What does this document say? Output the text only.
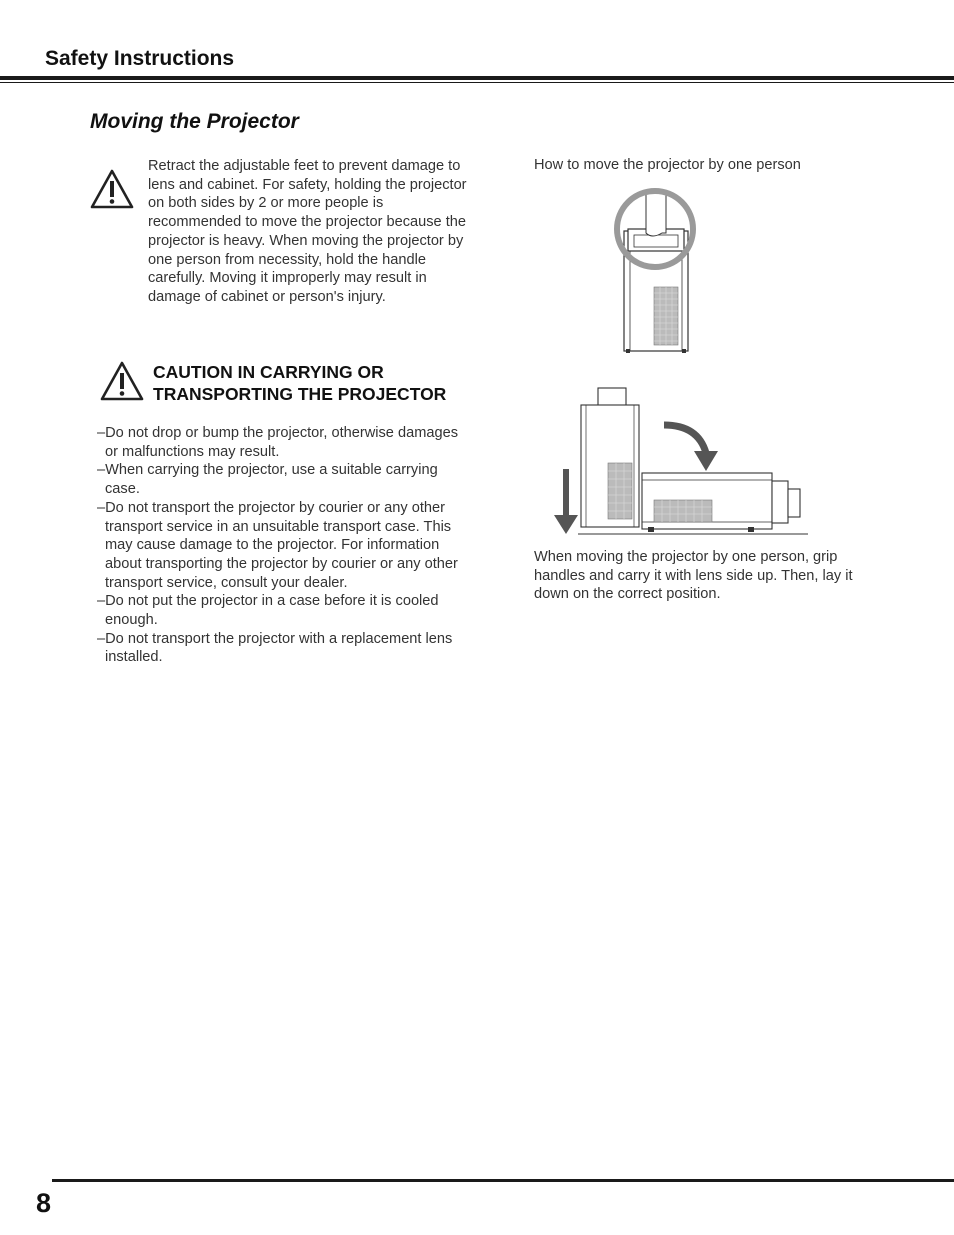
Safety Instructions
Moving the Projector
Retract the adjustable feet to prevent damage to lens and cabinet. For safety, holding the projector on both sides by 2 or more people is recommended to move the projector because the projector is heavy. When moving the projector by one person from necessity, hold the handle carefully. Moving it improperly may result in damage of cabinet or person's injury.
CAUTION IN CARRYING OR
TRANSPORTING THE PROJECTOR
–Do not drop or bump the projector, otherwise damages or malfunctions may result.
–When carrying the projector, use a suitable carrying case.
–Do not transport the projector by courier or any other transport service in an unsuitable transport case. This may cause damage to the projector. For information about transporting the projector by courier or any other transport service, consult your dealer.
–Do not put the projector in a case before it is cooled enough.
–Do not transport the projector with a replacement lens installed.
How to move the projector by one person
When moving the projector by one person, grip handles and carry it with lens side up. Then, lay it down on the correct position.
8
